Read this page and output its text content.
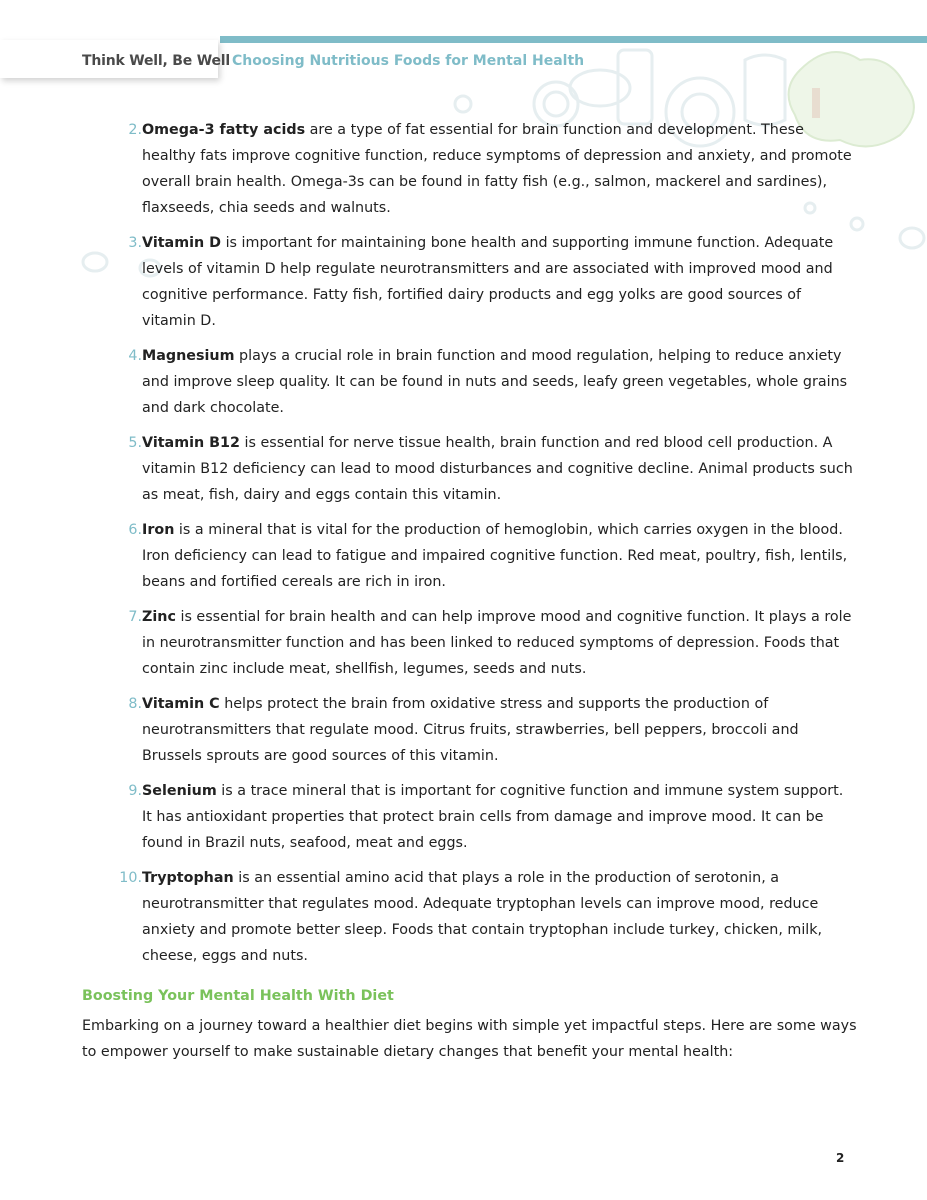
Think Well, Be Well Choosing Nutritious Foods for Mental Health
2. Omega-3 fatty acids are a type of fat essential for brain function and development. These healthy fats improve cognitive function, reduce symptoms of depression and anxiety, and promote overall brain health. Omega-3s can be found in fatty fish (e.g., salmon, mackerel and sardines), flaxseeds, chia seeds and walnuts.
3. Vitamin D is important for maintaining bone health and supporting immune function. Adequate levels of vitamin D help regulate neurotransmitters and are associated with improved mood and cognitive performance. Fatty fish, fortified dairy products and egg yolks are good sources of vitamin D.
4. Magnesium plays a crucial role in brain function and mood regulation, helping to reduce anxiety and improve sleep quality. It can be found in nuts and seeds, leafy green vegetables, whole grains and dark chocolate.
5. Vitamin B12 is essential for nerve tissue health, brain function and red blood cell production. A vitamin B12 deficiency can lead to mood disturbances and cognitive decline. Animal products such as meat, fish, dairy and eggs contain this vitamin.
6. Iron is a mineral that is vital for the production of hemoglobin, which carries oxygen in the blood. Iron deficiency can lead to fatigue and impaired cognitive function. Red meat, poultry, fish, lentils, beans and fortified cereals are rich in iron.
7. Zinc is essential for brain health and can help improve mood and cognitive function. It plays a role in neurotransmitter function and has been linked to reduced symptoms of depression. Foods that contain zinc include meat, shellfish, legumes, seeds and nuts.
8. Vitamin C helps protect the brain from oxidative stress and supports the production of neurotransmitters that regulate mood. Citrus fruits, strawberries, bell peppers, broccoli and Brussels sprouts are good sources of this vitamin.
9. Selenium is a trace mineral that is important for cognitive function and immune system support. It has antioxidant properties that protect brain cells from damage and improve mood. It can be found in Brazil nuts, seafood, meat and eggs.
10. Tryptophan is an essential amino acid that plays a role in the production of serotonin, a neurotransmitter that regulates mood. Adequate tryptophan levels can improve mood, reduce anxiety and promote better sleep. Foods that contain tryptophan include turkey, chicken, milk, cheese, eggs and nuts.
Boosting Your Mental Health With Diet
Embarking on a journey toward a healthier diet begins with simple yet impactful steps. Here are some ways to empower yourself to make sustainable dietary changes that benefit your mental health:
2
